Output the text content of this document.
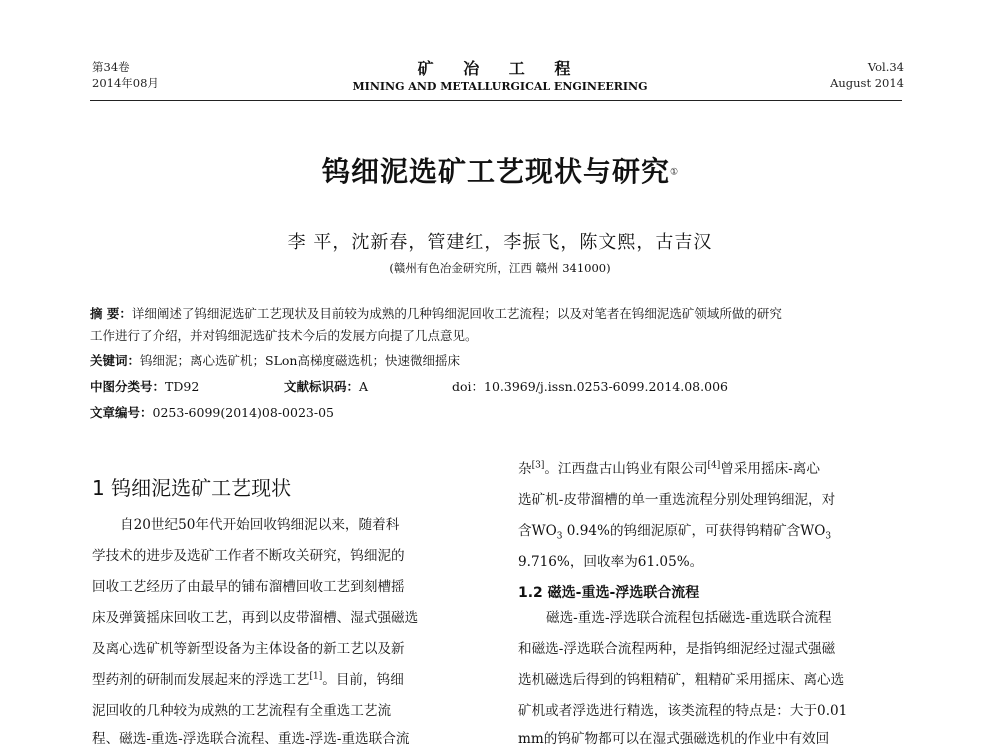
第34卷
2014年08月
矿 冶 工 程
MINING AND METALLURGICAL ENGINEERING
Vol.34
August 2014
钨细泥选矿工艺现状与研究①
李 平，沈新春，管建红，李振飞，陈文熙，古吉汉
(赣州有色冶金研究所，江西 赣州 341000)
摘 要：详细阐述了钨细泥选矿工艺现状及目前较为成熟的几种钨细泥回收工艺流程；以及对笔者在钨细泥选矿领域所做的研究
工作进行了介绍，并对钨细泥选矿技术今后的发展方向提了几点意见。
关键词：钨细泥；离心选矿机；SLon高梯度磁选机；快速微细摇床
中图分类号：TD92	文献标识码：A	doi：10.3969/j.issn.0253-6099.2014.08.006
文章编号：0253-6099(2014)08-0023-05
1 钨细泥选矿工艺现状
自20世纪50年代开始回收钨细泥以来，随着科
学技术的进步及选矿工作者不断攻关研究，钨细泥的
回收工艺经历了由最早的铺布溜槽回收工艺到刻槽摇
床及弹簧摇床回收工艺，再到以皮带溜槽、湿式强磁选
及离心选矿机等新型设备为主体设备的新工艺以及新
型药剂的研制而发展起来的浮选工艺[1]。目前，钨细
泥回收的几种较为成熟的工艺流程有全重选工艺流
程、磁选-重选-浮选联合流程、重选-浮选-重选联合流
杂[3]。江西盘古山钨业有限公司[4]曾采用摇床-离心
选矿机-皮带溜槽的单一重选流程分别处理钨细泥，对
含$WO_3$ 0.94%的钨细泥原矿，可获得钨精矿含$WO_3$
9.716%，回收率为61.05%。
1.2 磁选-重选-浮选联合流程
磁选-重选-浮选联合流程包括磁选-重选联合流程
和磁选-浮选联合流程两种，是指钨细泥经过湿式强磁
选机磁选后得到的钨粗精矿，粗精矿采用摇床、离心选
矿机或者浮选进行精选，该类流程的特点是：大于0.01
mm的钨矿物都可以在湿式强磁选机的作业中有效回
